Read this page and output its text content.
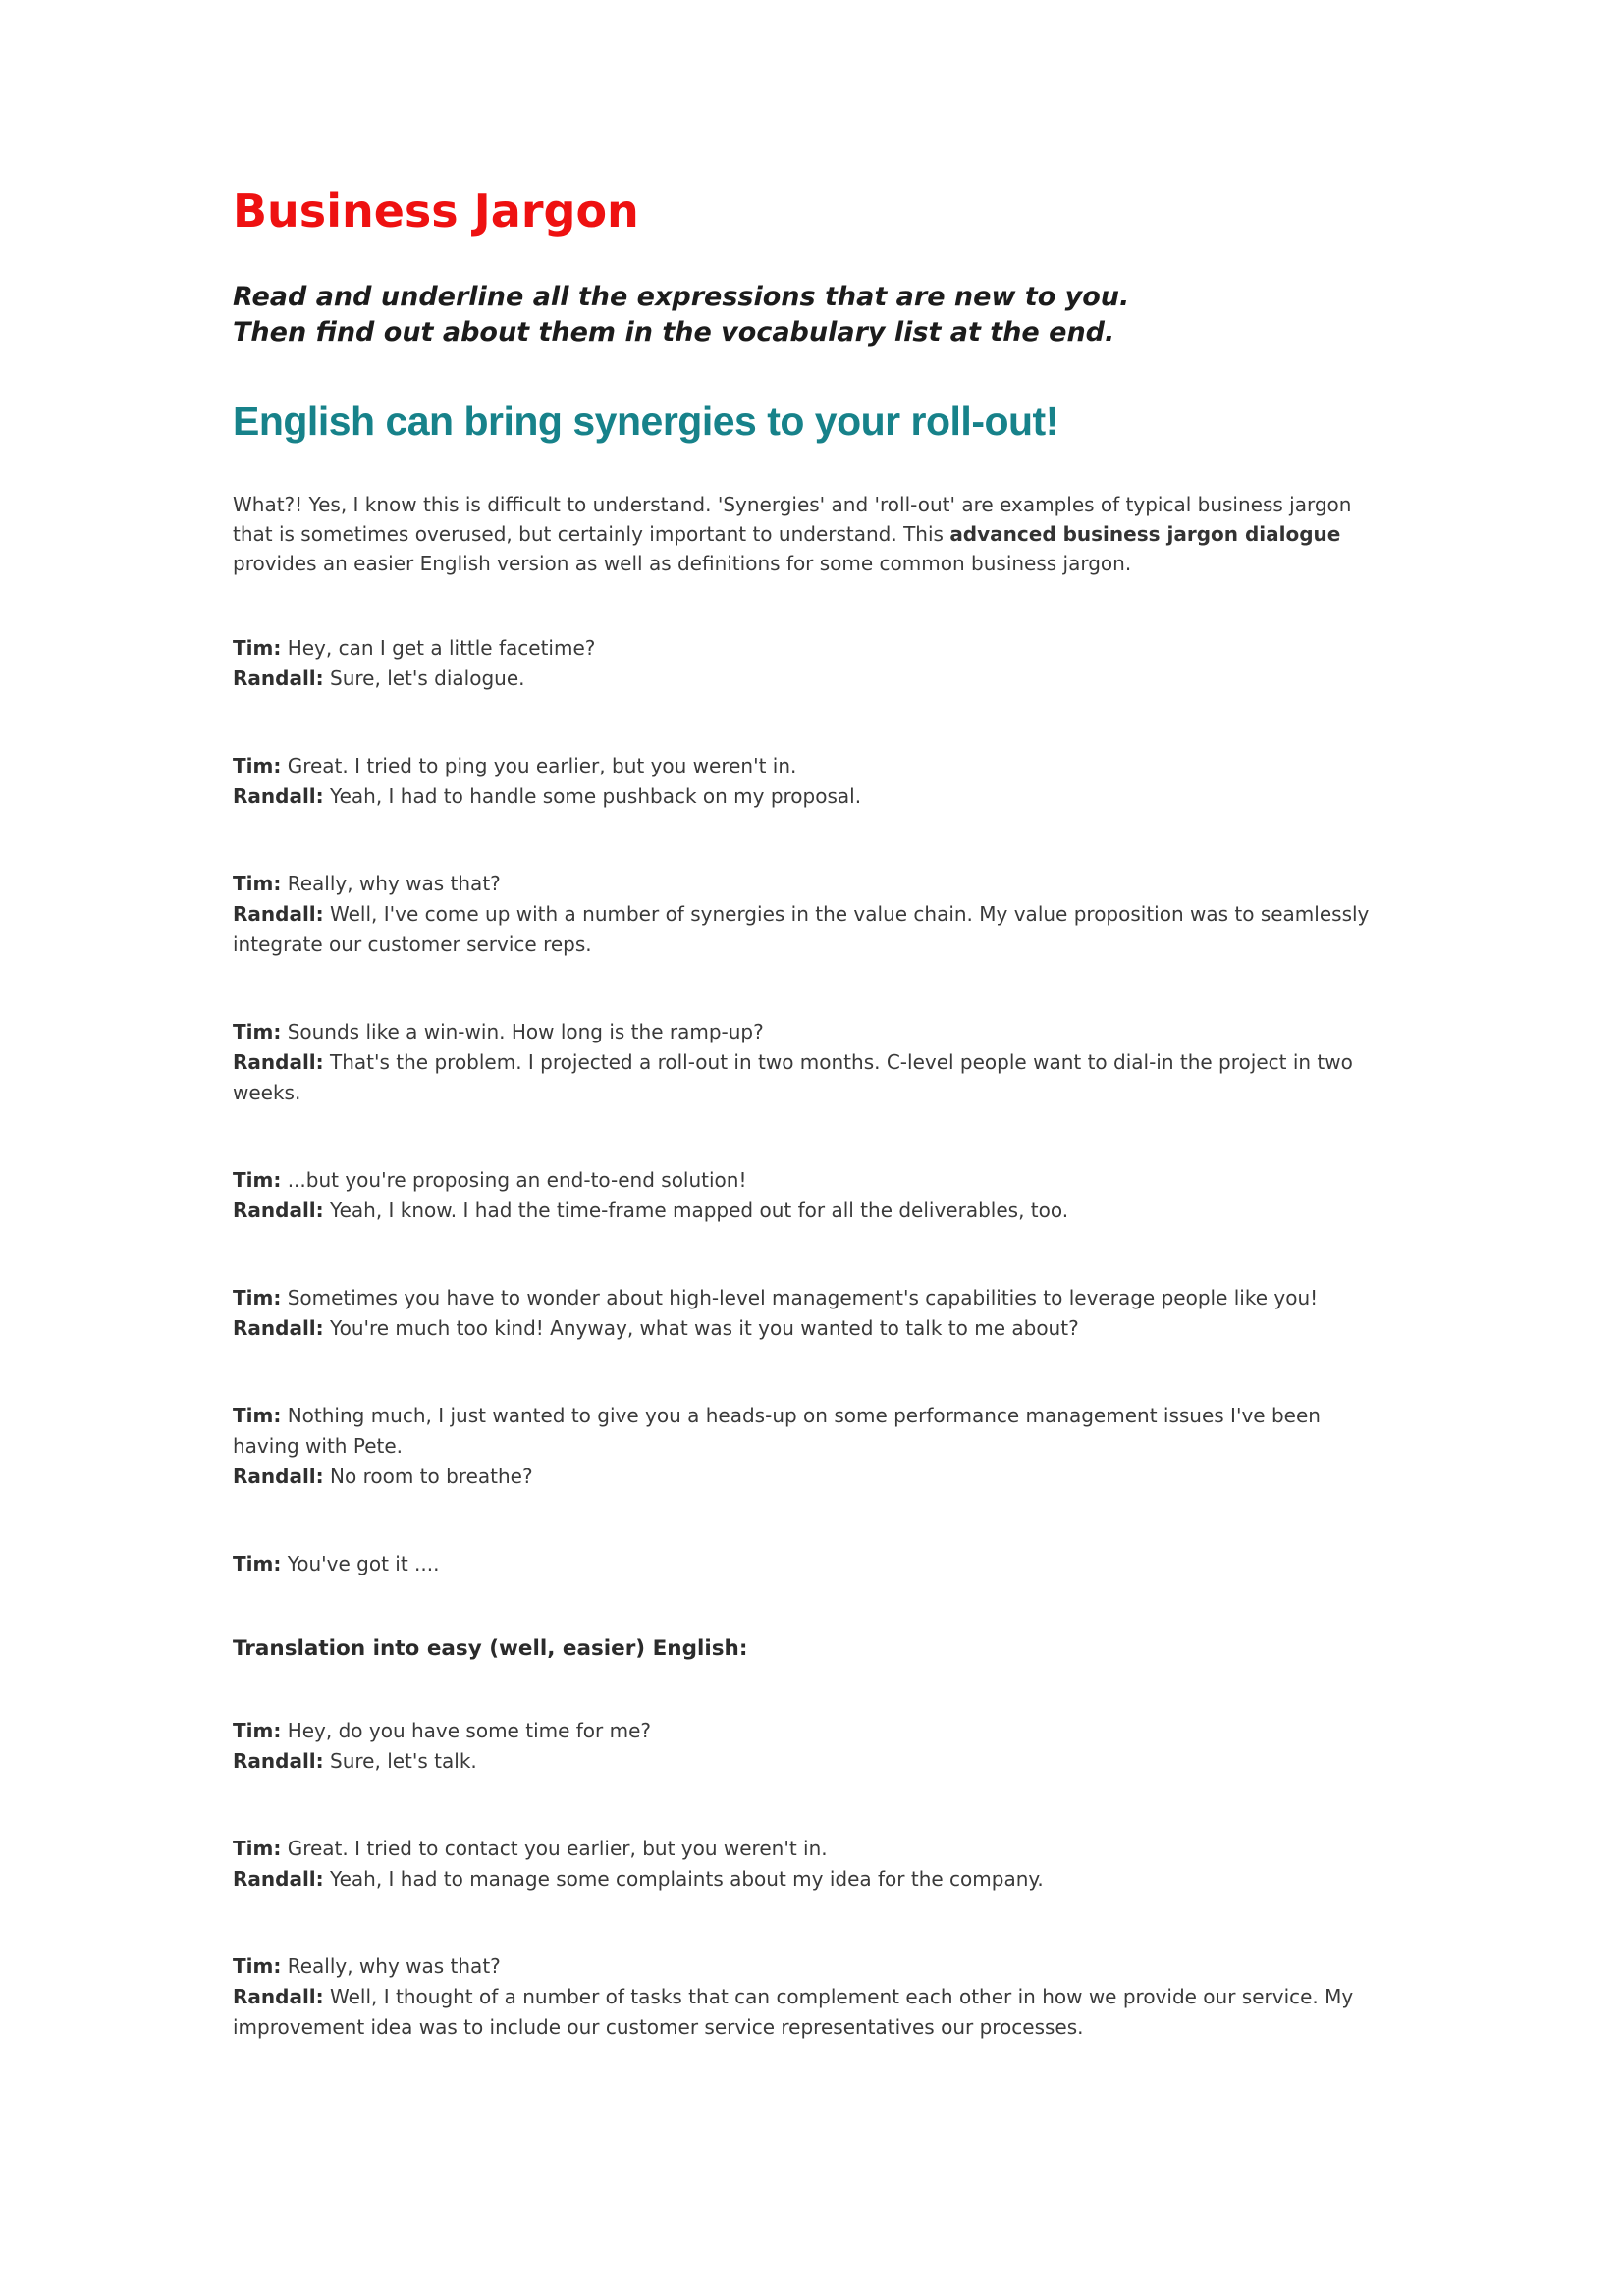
Business Jargon

Read and underline all the expressions that are new to you.
Then find out about them in the vocabulary list at the end.

English can bring synergies to your roll-out!

What?! Yes, I know this is difficult to understand. 'Synergies' and 'roll-out' are examples of typical business jargon that is sometimes overused, but certainly important to understand. This advanced business jargon dialogue provides an easier English version as well as definitions for some common business jargon.

Tim: Hey, can I get a little facetime?

Randall: Sure, let's dialogue.

Tim: Great. I tried to ping you earlier, but you weren't in.

Randall: Yeah, I had to handle some pushback on my proposal.

Tim: Really, why was that?

Randall: Well, I've come up with a number of synergies in the value chain. My value proposition was to seamlessly integrate our customer service reps.

Tim: Sounds like a win-win. How long is the ramp-up?

Randall: That's the problem. I projected a roll-out in two months. C-level people want to dial-in the project in two weeks.

Tim: ...but you're proposing an end-to-end solution!

Randall: Yeah, I know. I had the time-frame mapped out for all the deliverables, too.

Tim: Sometimes you have to wonder about high-level management's capabilities to leverage people like you!

Randall: You're much too kind! Anyway, what was it you wanted to talk to me about?

Tim: Nothing much, I just wanted to give you a heads-up on some performance management issues I've been having with Pete.

Randall: No room to breathe?

Tim: You've got it ....

Translation into easy (well, easier) English:

Tim: Hey, do you have some time for me?

Randall: Sure, let's talk.

Tim: Great. I tried to contact you earlier, but you weren't in.

Randall: Yeah, I had to manage some complaints about my idea for the company.

Tim: Really, why was that?

Randall: Well, I thought of a number of tasks that can complement each other in how we provide our service. My improvement idea was to include our customer service representatives our processes.
